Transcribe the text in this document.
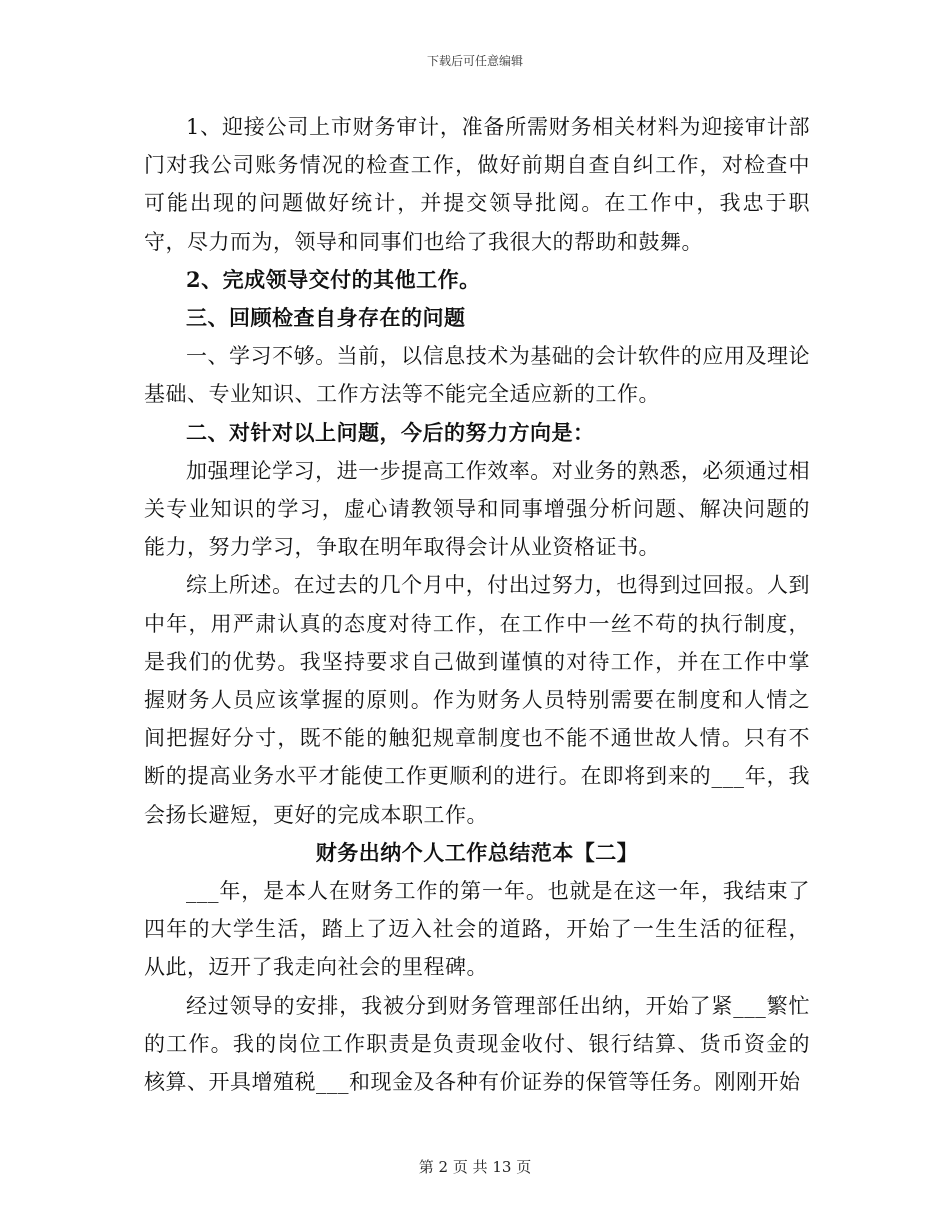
下载后可任意编辑

1、迎接公司上市财务审计，准备所需财务相关材料为迎接审计部门对我公司账务情况的检查工作，做好前期自查自纠工作，对检查中可能出现的问题做好统计，并提交领导批阅。在工作中，我忠于职守，尽力而为，领导和同事们也给了我很大的帮助和鼓舞。

2、完成领导交付的其他工作。

三、回顾检查自身存在的问题

一、学习不够。当前，以信息技术为基础的会计软件的应用及理论基础、专业知识、工作方法等不能完全适应新的工作。

二、对针对以上问题，今后的努力方向是：

加强理论学习，进一步提高工作效率。对业务的熟悉，必须通过相关专业知识的学习，虚心请教领导和同事增强分析问题、解决问题的能力，努力学习，争取在明年取得会计从业资格证书。

综上所述。在过去的几个月中，付出过努力，也得到过回报。人到中年，用严肃认真的态度对待工作，在工作中一丝不苟的执行制度，是我们的优势。我坚持要求自己做到谨慎的对待工作，并在工作中掌握财务人员应该掌握的原则。作为财务人员特别需要在制度和人情之间把握好分寸，既不能的触犯规章制度也不能不通世故人情。只有不断的提高业务水平才能使工作更顺利的进行。在即将到来的___年，我会扬长避短，更好的完成本职工作。

财务出纳个人工作总结范本【二】

___年，是本人在财务工作的第一年。也就是在这一年，我结束了四年的大学生活，踏上了迈入社会的道路，开始了一生生活的征程，从此，迈开了我走向社会的里程碑。

经过领导的安排，我被分到财务管理部任出纳，开始了紧___繁忙的工作。我的岗位工作职责是负责现金收付、银行结算、货币资金的核算、开具增殖税___和现金及各种有价证券的保管等任务。刚刚开始

第 2 页 共 13 页
